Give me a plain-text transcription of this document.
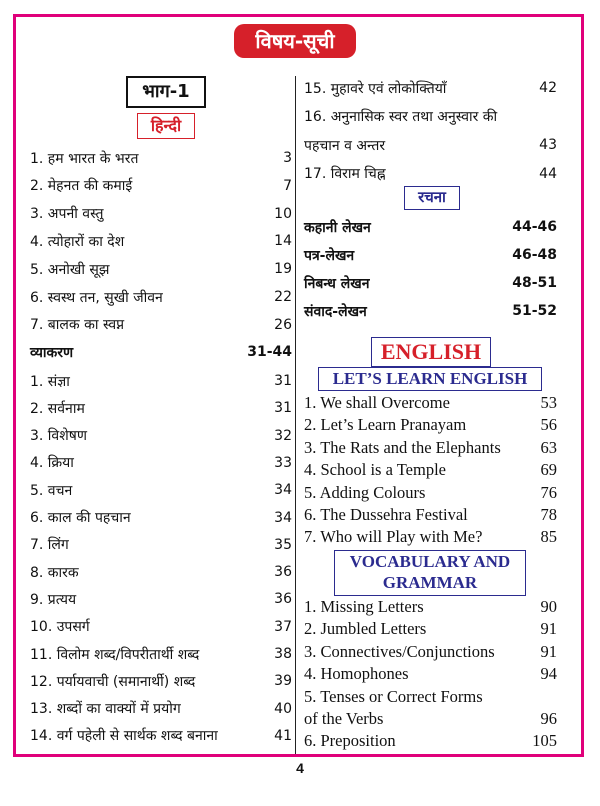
विषय-सूची
भाग-1
हिन्दी
1. हम भारत के भरत	3
2. मेहनत की कमाई	7
3. अपनी वस्तु	10
4. त्योहारों का देश	14
5. अनोखी सूझ	19
6. स्वस्थ तन, सुखी जीवन	22
7. बालक का स्वप्न	26
व्याकरण	31-44
1. संज्ञा	31
2. सर्वनाम	31
3. विशेषण	32
4. क्रिया	33
5. वचन	34
6. काल की पहचान	34
7. लिंग	35
8. कारक	36
9. प्रत्यय	36
10. उपसर्ग	37
11. विलोम शब्द/विपरीतार्थी शब्द	38
12. पर्यायवाची (समानार्थी) शब्द	39
13. शब्दों का वाक्यों में प्रयोग	40
14. वर्ग पहेली से सार्थक शब्द बनाना	41
15. मुहावरे एवं लोकोक्तियाँ	42
16. अनुनासिक स्वर तथा अनुस्वार की
पहचान व अन्तर	43
17. विराम चिह्न	44
रचना
कहानी लेखन	44-46
पत्र-लेखन	46-48
निबन्ध लेखन	48-51
संवाद-लेखन	51-52
ENGLISH
LET’S LEARN ENGLISH
1. We shall Overcome	53
2. Let’s Learn Pranayam	56
3. The Rats and the Elephants 63
4. School is a Temple	69
5. Adding Colours	76
6. The Dussehra Festival	78
7. Who will Play with Me?	85
VOCABULARY AND
GRAMMAR
1. Missing Letters	90
2. Jumbled Letters	91
3. Connectives/Conjunctions	91
4. Homophones	94
5. Tenses or Correct Forms
of the Verbs	96
6. Preposition	105
4
